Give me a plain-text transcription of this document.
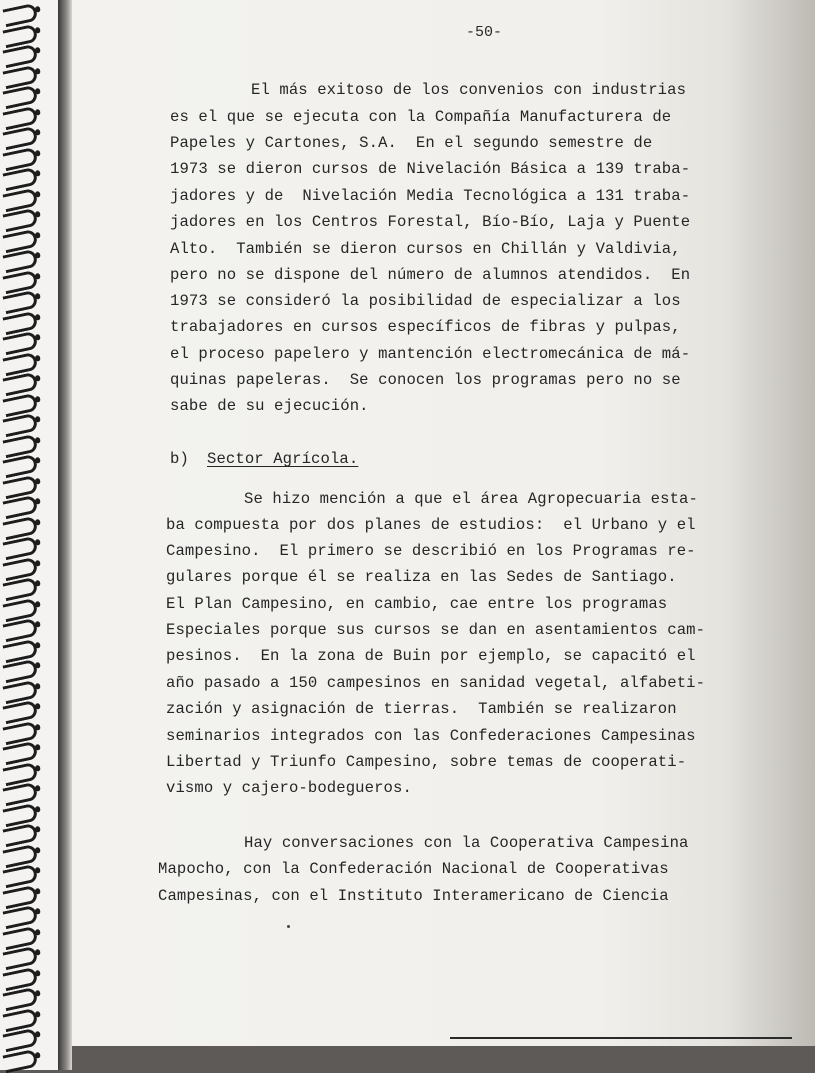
-50-
El más exitoso de los convenios con industrias
es el que se ejecuta con la Compañía Manufacturera de
Papeles y Cartones, S.A.  En el segundo semestre de
1973 se dieron cursos de Nivelación Básica a 139 traba-
jadores y de  Nivelación Media Tecnológica a 131 traba-
jadores en los Centros Forestal, Bío-Bío, Laja y Puente
Alto.  También se dieron cursos en Chillán y Valdivia,
pero no se dispone del número de alumnos atendidos.  En
1973 se consideró la posibilidad de especializar a los
trabajadores en cursos específicos de fibras y pulpas,
el proceso papelero y mantención electromecánica de má-
quinas papeleras.  Se conocen los programas pero no se
sabe de su ejecución.
b) Sector Agrícola.
Se hizo mención a que el área Agropecuaria esta-
ba compuesta por dos planes de estudios:  el Urbano y el
Campesino.  El primero se describió en los Programas re-
gulares porque él se realiza en las Sedes de Santiago.
El Plan Campesino, en cambio, cae entre los programas
Especiales porque sus cursos se dan en asentamientos cam-
pesinos.  En la zona de Buin por ejemplo, se capacitó el
año pasado a 150 campesinos en sanidad vegetal, alfabeti-
zación y asignación de tierras.  También se realizaron
seminarios integrados con las Confederaciones Campesinas
Libertad y Triunfo Campesino, sobre temas de cooperati-
vismo y cajero-bodegueros.
Hay conversaciones con la Cooperativa Campesina
Mapocho, con la Confederación Nacional de Cooperativas
Campesinas, con el Instituto Interamericano de Ciencia
